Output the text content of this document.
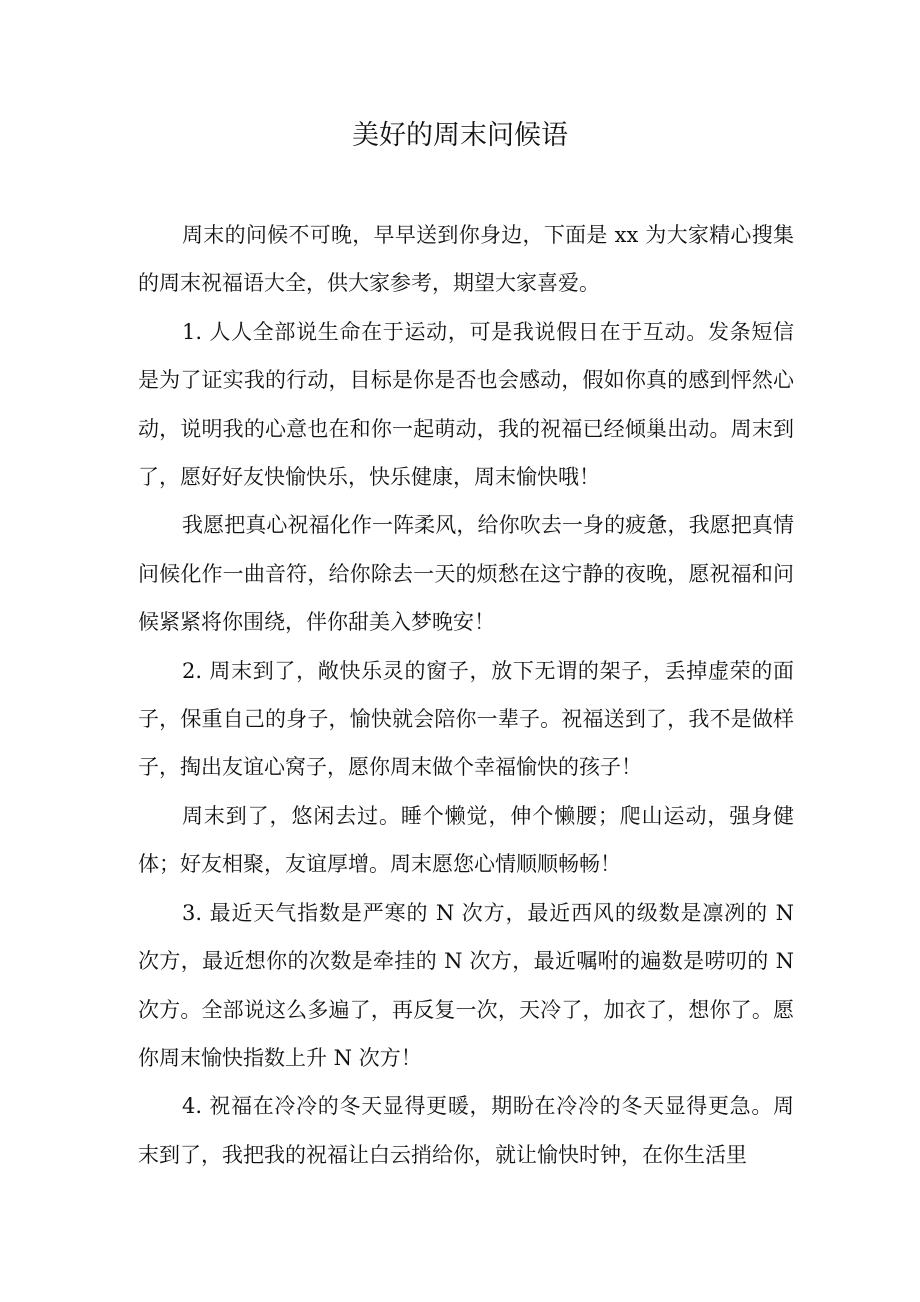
美好的周末问候语

周末的问候不可晚，早早送到你身边，下面是 xx 为大家精心搜集的周末祝福语大全，供大家参考，期望大家喜爱。

1. 人人全部说生命在于运动，可是我说假日在于互动。发条短信是为了证实我的行动，目标是你是否也会感动，假如你真的感到怦然心动，说明我的心意也在和你一起萌动，我的祝福已经倾巢出动。周末到了，愿好好友快愉快乐，快乐健康，周末愉快哦！

我愿把真心祝福化作一阵柔风，给你吹去一身的疲惫，我愿把真情问候化作一曲音符，给你除去一天的烦愁在这宁静的夜晚，愿祝福和问候紧紧将你围绕，伴你甜美入梦晚安！

2. 周末到了，敞快乐灵的窗子，放下无谓的架子，丢掉虚荣的面子，保重自己的身子，愉快就会陪你一辈子。祝福送到了，我不是做样子，掏出友谊心窝子，愿你周末做个幸福愉快的孩子！

周末到了，悠闲去过。睡个懒觉，伸个懒腰；爬山运动，强身健体；好友相聚，友谊厚增。周末愿您心情顺顺畅畅！

3. 最近天气指数是严寒的 N 次方，最近西风的级数是凛冽的 N 次方，最近想你的次数是牵挂的 N 次方，最近嘱咐的遍数是唠叨的 N 次方。全部说这么多遍了，再反复一次，天冷了，加衣了，想你了。愿你周末愉快指数上升 N 次方！

4. 祝福在冷冷的冬天显得更暖，期盼在冷冷的冬天显得更急。周末到了，我把我的祝福让白云捎给你，就让愉快时钟，在你生活里
